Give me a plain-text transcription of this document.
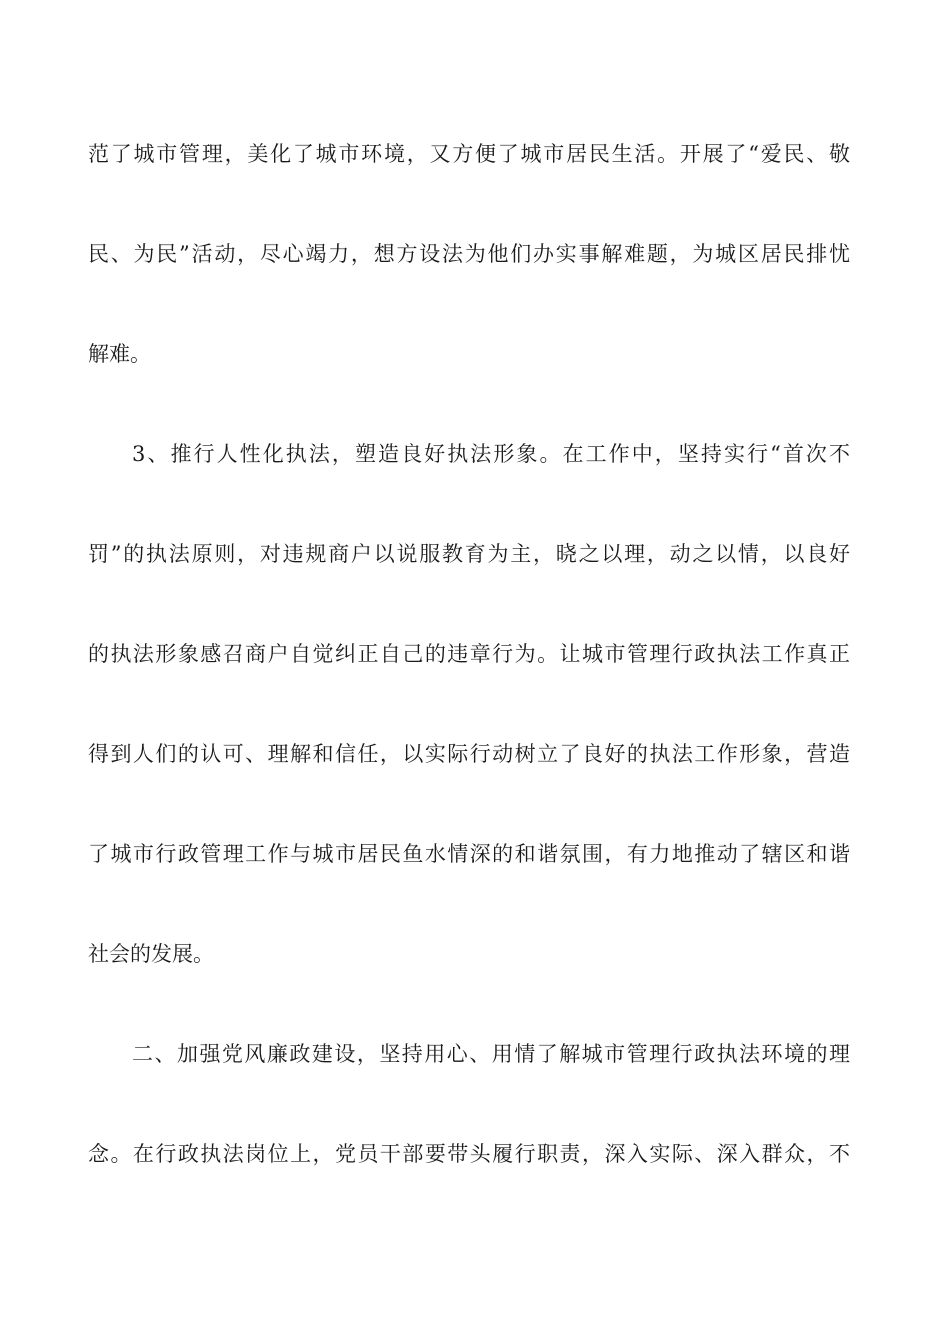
范了城市管理，美化了城市环境，又方便了城市居民生活。开展了“爱民、敬
民、为民”活动，尽心竭力，想方设法为他们办实事解难题，为城区居民排忧
解难。
3、推行人性化执法，塑造良好执法形象。在工作中，坚持实行“首次不
罚”的执法原则，对违规商户以说服教育为主，晓之以理，动之以情，以良好
的执法形象感召商户自觉纠正自己的违章行为。让城市管理行政执法工作真正
得到人们的认可、理解和信任，以实际行动树立了良好的执法工作形象，营造
了城市行政管理工作与城市居民鱼水情深的和谐氛围，有力地推动了辖区和谐
社会的发展。
二、加强党风廉政建设，坚持用心、用情了解城市管理行政执法环境的理
念。在行政执法岗位上，党员干部要带头履行职责，深入实际、深入群众，不
